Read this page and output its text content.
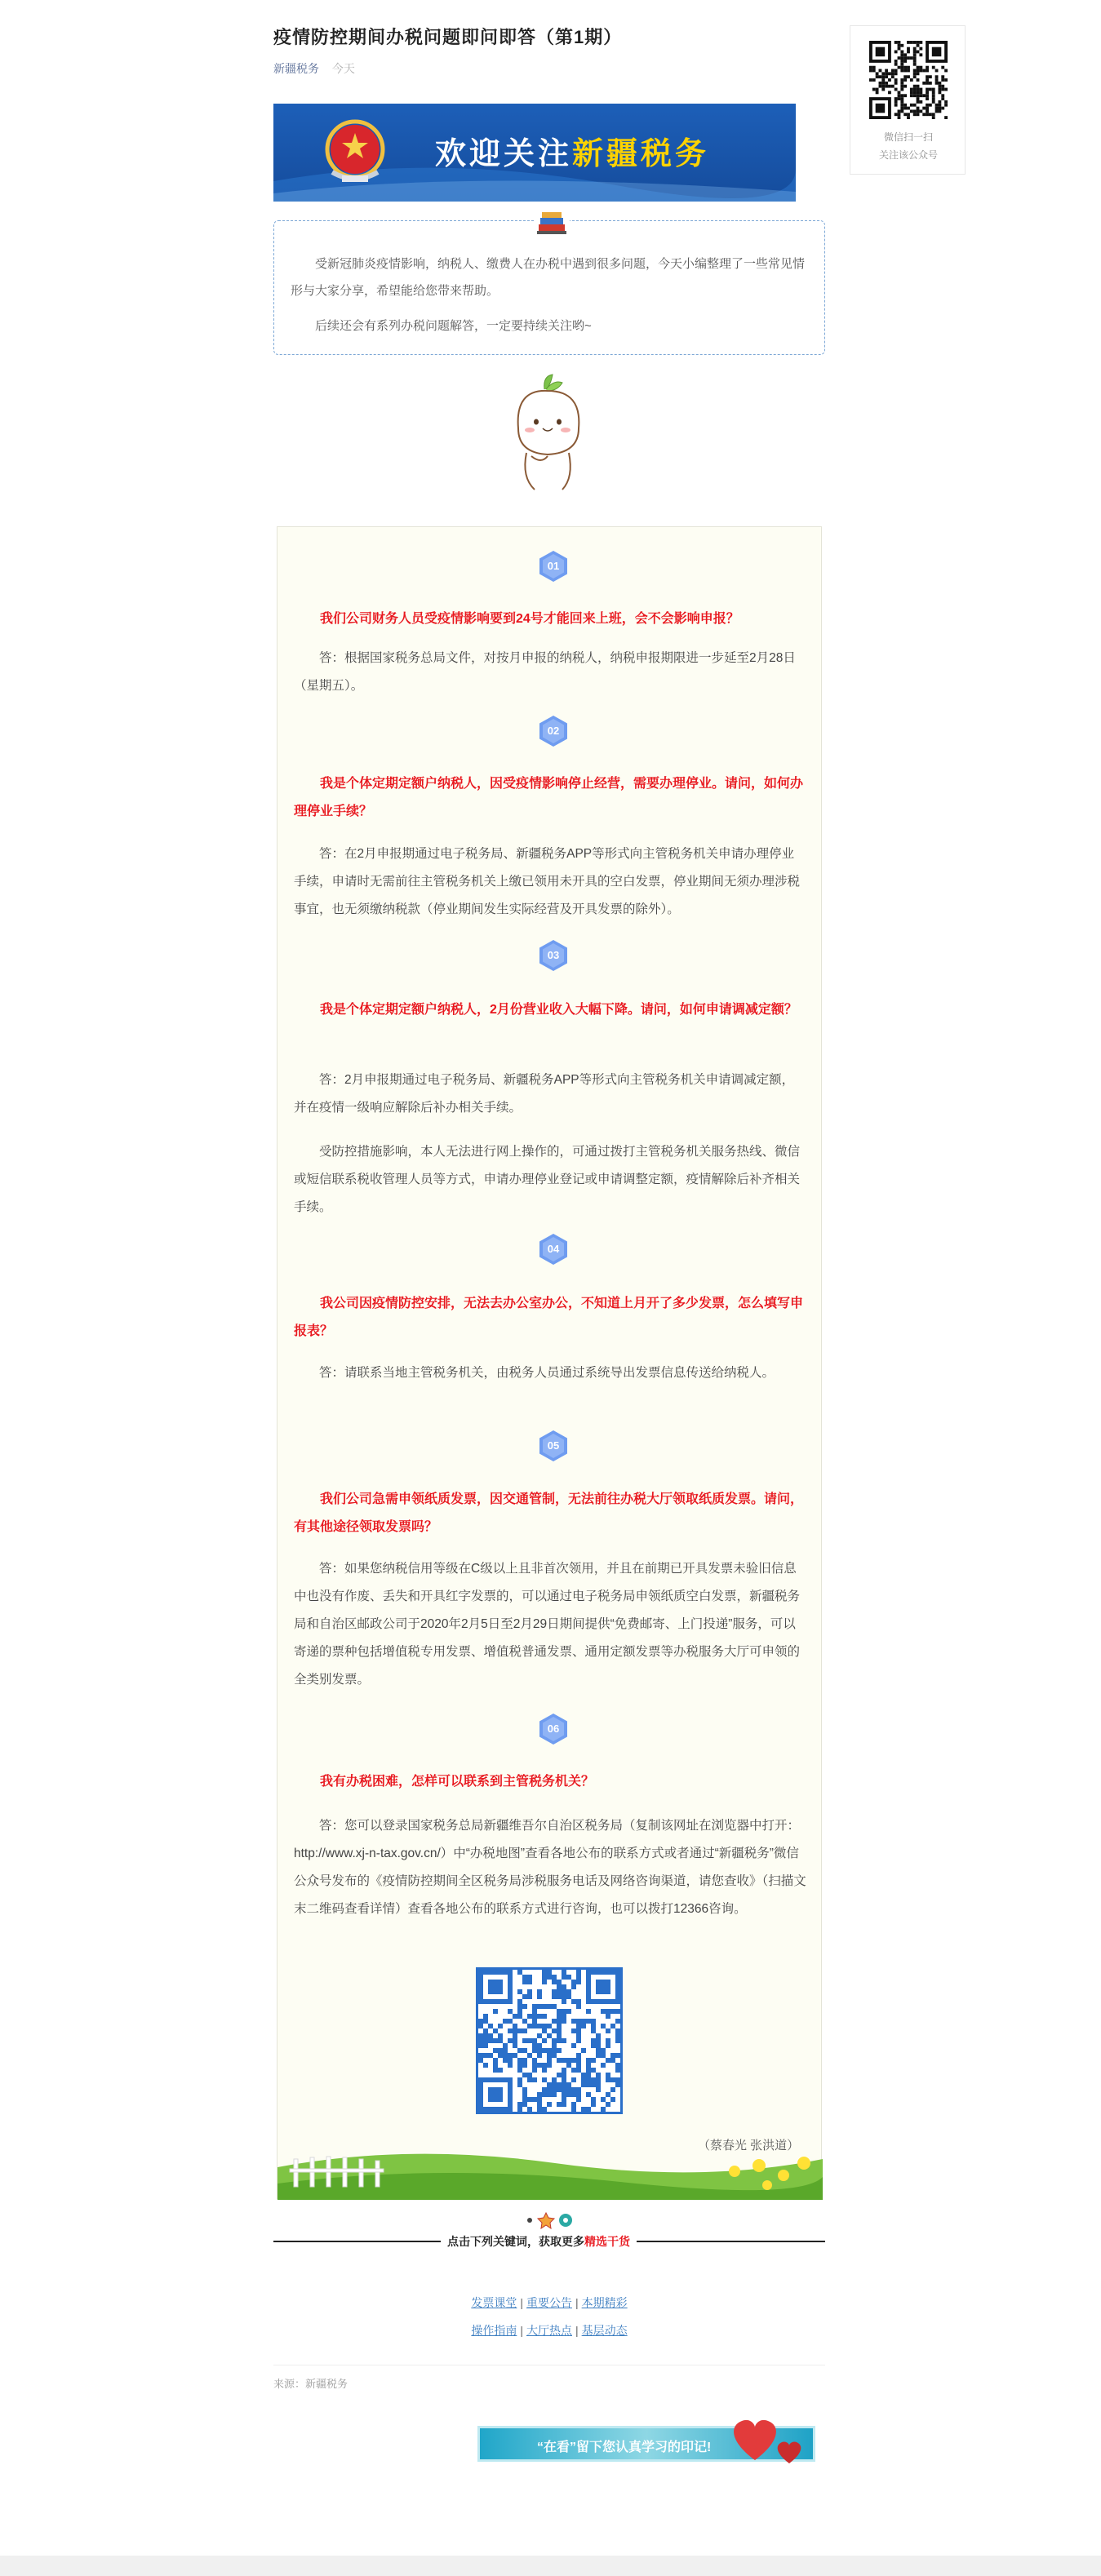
疫情防控期间办税问题即问即答（第1期）
新疆税务 今天
欢迎关注新疆税务

受新冠肺炎疫情影响，纳税人、缴费人在办税中遇到很多问题，今天小编整理了一些常见情形与大家分享，希望能给您带来帮助。

后续还会有系列办税问题解答，一定要持续关注哟~

01
我们公司财务人员受疫情影响要到24号才能回来上班，会不会影响申报？
答：根据国家税务总局文件，对按月申报的纳税人，纳税申报期限进一步延至2月28日（星期五）。
02
我是个体定期定额户纳税人，因受疫情影响停止经营，需要办理停业。请问，如何办理停业手续？
答：在2月申报期通过电子税务局、新疆税务APP等形式向主管税务机关申请办理停业手续，申请时无需前往主管税务机关上缴已领用未开具的空白发票，停业期间无须办理涉税事宜，也无须缴纳税款（停业期间发生实际经营及开具发票的除外）。
03
我是个体定期定额户纳税人，2月份营业收入大幅下降。请问，如何申请调减定额？
答：2月申报期通过电子税务局、新疆税务APP等形式向主管税务机关申请调减定额，并在疫情一级响应解除后补办相关手续。
受防控措施影响，本人无法进行网上操作的，可通过拨打主管税务机关服务热线、微信或短信联系税收管理人员等方式，申请办理停业登记或申请调整定额，疫情解除后补齐相关手续。
04
我公司因疫情防控安排，无法去办公室办公，不知道上月开了多少发票，怎么填写申报表？
答：请联系当地主管税务机关，由税务人员通过系统导出发票信息传送给纳税人。
05
我们公司急需申领纸质发票，因交通管制，无法前往办税大厅领取纸质发票。请问，有其他途径领取发票吗？
答：如果您纳税信用等级在C级以上且非首次领用，并且在前期已开具发票未验旧信息中也没有作废、丢失和开具红字发票的，可以通过电子税务局申领纸质空白发票，新疆税务局和自治区邮政公司于2020年2月5日至2月29日期间提供“免费邮寄、上门投递”服务，可以寄递的票种包括增值税专用发票、增值税普通发票、通用定额发票等办税服务大厅可申领的全类别发票。
06
我有办税困难，怎样可以联系到主管税务机关？
答：您可以登录国家税务总局新疆维吾尔自治区税务局（复制该网址在浏览器中打开：http://www.xj-n-tax.gov.cn/）中“办税地图”查看各地公布的联系方式或者通过“新疆税务”微信公众号发布的《疫情防控期间全区税务局涉税服务电话及网络咨询渠道，请您查收》（扫描文末二维码查看详情）查看各地公布的联系方式进行咨询，也可以拨打12366咨询。
（蔡春光 张洪道）
点击下列关键词，获取更多精选干货
发票课堂 | 重要公告 | 本期精彩
操作指南 | 大厅热点 | 基层动态
来源：新疆税务
“在看”留下您认真学习的印记!
微信扫一扫
关注该公众号
